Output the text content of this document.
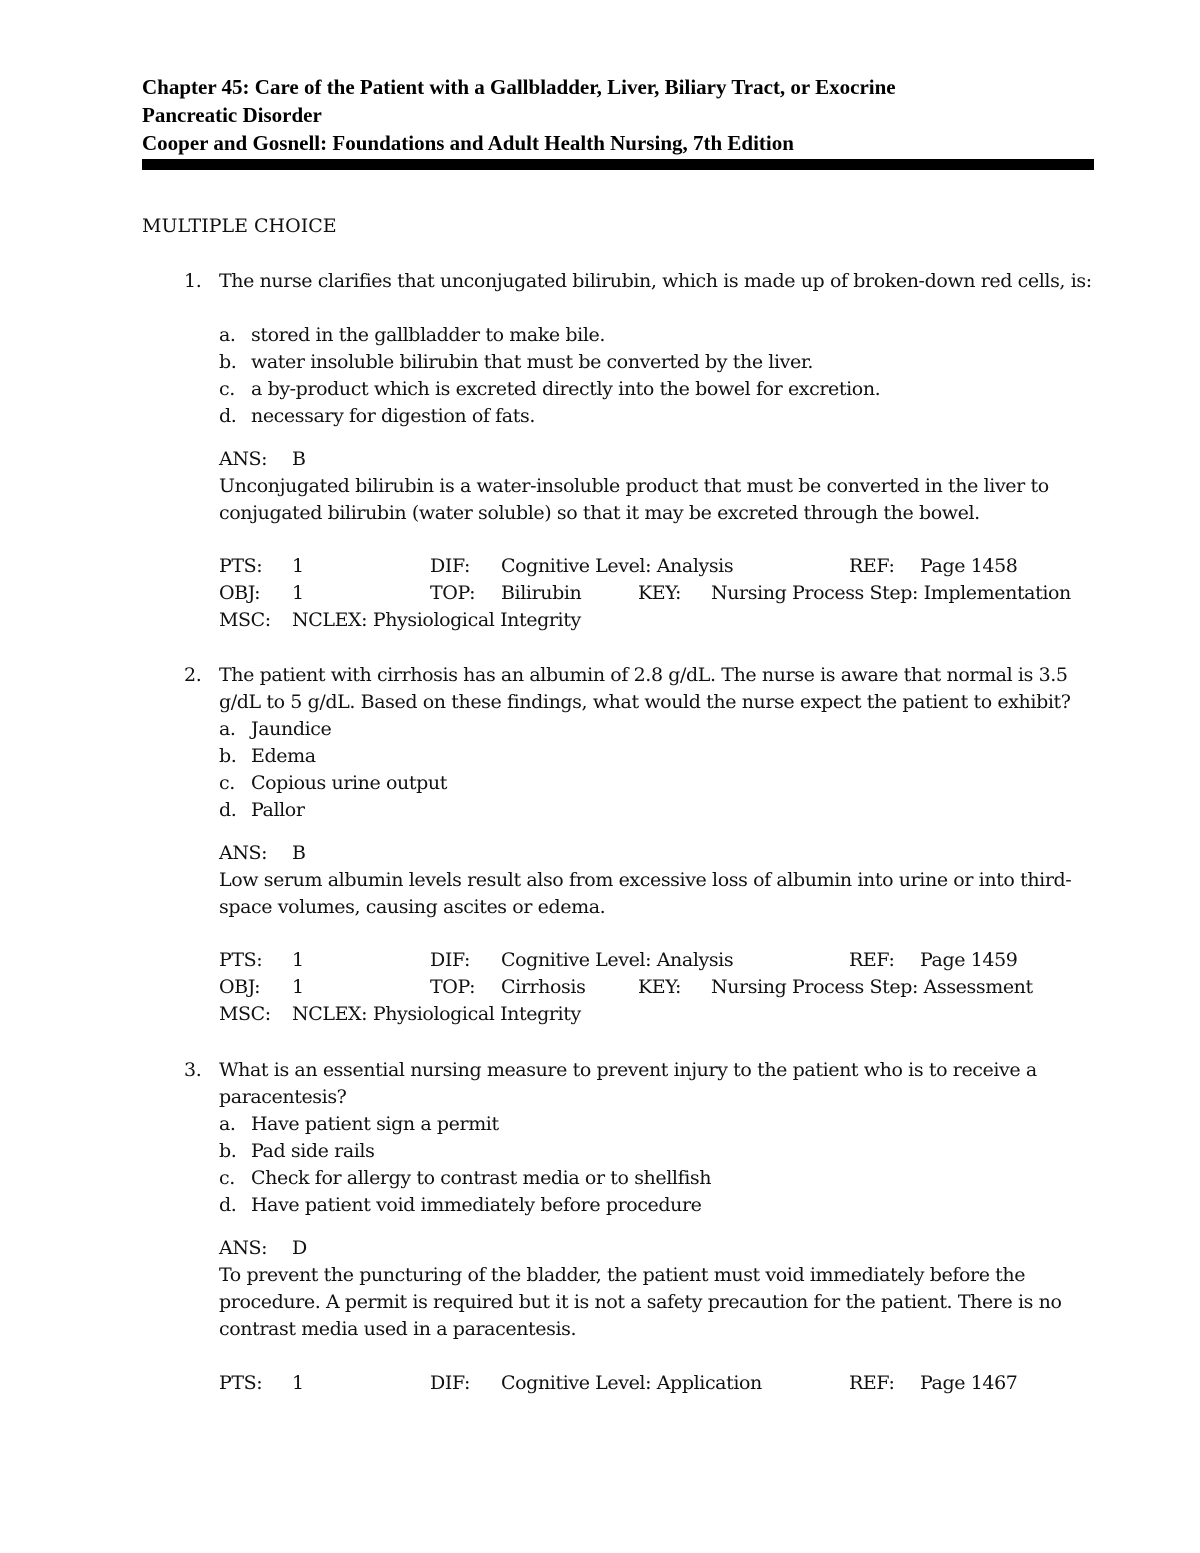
Chapter 45: Care of the Patient with a Gallbladder, Liver, Biliary Tract, or Exocrine
Pancreatic Disorder
Cooper and Gosnell: Foundations and Adult Health Nursing, 7th Edition
MULTIPLE CHOICE
1. The nurse clarifies that unconjugated bilirubin, which is made up of broken-down red cells, is:
a. stored in the gallbladder to make bile.
b. water insoluble bilirubin that must be converted by the liver.
c. a by-product which is excreted directly into the bowel for excretion.
d. necessary for digestion of fats.
ANS: B
Unconjugated bilirubin is a water-insoluble product that must be converted in the liver to conjugated bilirubin (water soluble) so that it may be excreted through the bowel.
PTS: 1	DIF: Cognitive Level: Analysis	REF: Page 1458
OBJ: 1	TOP: Bilirubin	KEY: Nursing Process Step: Implementation
MSC: NCLEX: Physiological Integrity
2. The patient with cirrhosis has an albumin of 2.8 g/dL. The nurse is aware that normal is 3.5 g/dL to 5 g/dL. Based on these findings, what would the nurse expect the patient to exhibit?
a. Jaundice
b. Edema
c. Copious urine output
d. Pallor
ANS: B
Low serum albumin levels result also from excessive loss of albumin into urine or into third-space volumes, causing ascites or edema.
PTS: 1	DIF: Cognitive Level: Analysis	REF: Page 1459
OBJ: 1	TOP: Cirrhosis	KEY: Nursing Process Step: Assessment
MSC: NCLEX: Physiological Integrity
3. What is an essential nursing measure to prevent injury to the patient who is to receive a paracentesis?
a. Have patient sign a permit
b. Pad side rails
c. Check for allergy to contrast media or to shellfish
d. Have patient void immediately before procedure
ANS: D
To prevent the puncturing of the bladder, the patient must void immediately before the procedure. A permit is required but it is not a safety precaution for the patient. There is no contrast media used in a paracentesis.
PTS: 1	DIF: Cognitive Level: Application	REF: Page 1467
